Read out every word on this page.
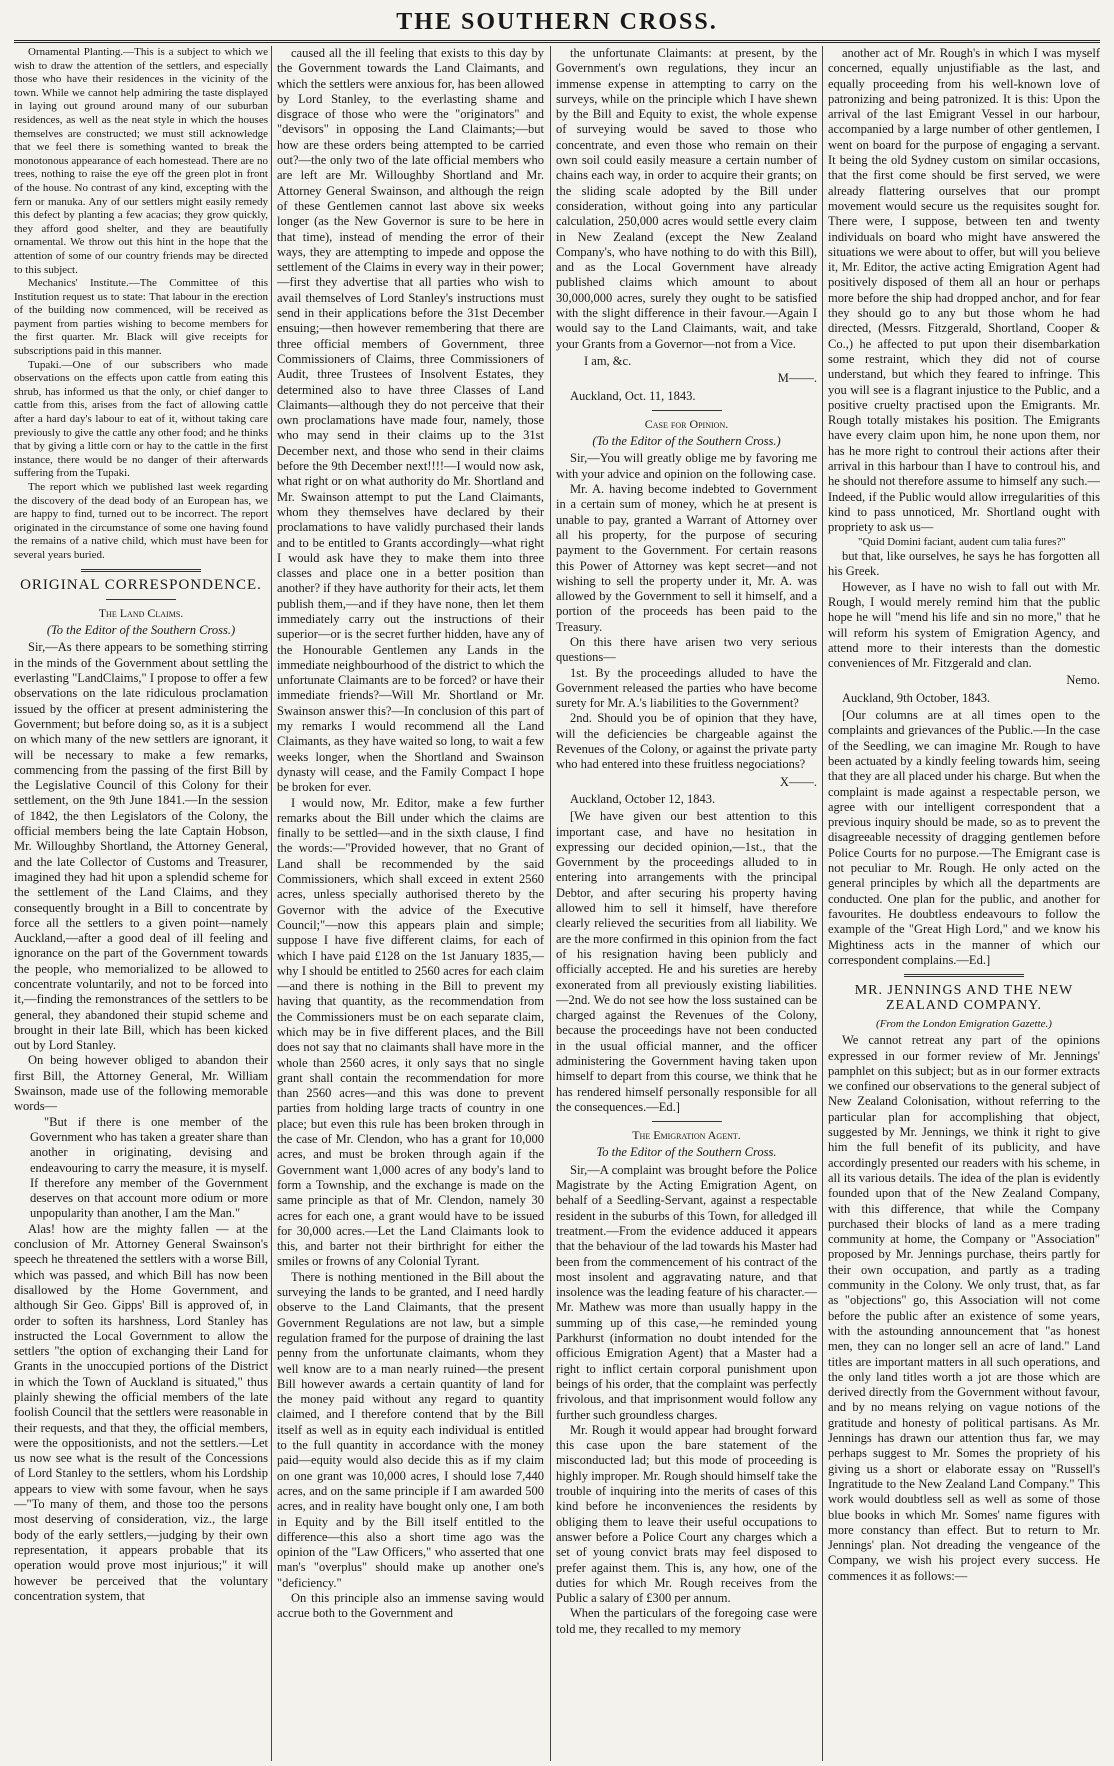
THE SOUTHERN CROSS.

Ornamental Planting.—This is a subject to which we wish to draw the attention of the settlers, and especially those who have their residences in the vicinity of the town. While we cannot help admiring the taste displayed in laying out ground around many of our suburban residences, as well as the neat style in which the houses themselves are constructed; we must still acknowledge that we feel there is something wanted to break the monotonous appearance of each homestead. There are no trees, nothing to raise the eye off the green plot in front of the house. No contrast of any kind, excepting with the fern or manuka. Any of our settlers might easily remedy this defect by planting a few acacias; they grow quickly, they afford good shelter, and they are beautifully ornamental. We throw out this hint in the hope that the attention of some of our country friends may be directed to this subject.

Mechanics' Institute.—The Committee of this Institution request us to state: That labour in the erection of the building now commenced, will be received as payment from parties wishing to become members for the first quarter. Mr. Black will give receipts for subscriptions paid in this manner.

Tupaki.—One of our subscribers who made observations on the effects upon cattle from eating this shrub, has informed us that the only, or chief danger to cattle from this, arises from the fact of allowing cattle after a hard day's labour to eat of it, without taking care previously to give the cattle any other food; and he thinks that by giving a little corn or hay to the cattle in the first instance, there would be no danger of their afterwards suffering from the Tupaki.

The report which we published last week regarding the discovery of the dead body of an European has, we are happy to find, turned out to be incorrect. The report originated in the circumstance of some one having found the remains of a native child, which must have been for several years buried.

ORIGINAL CORRESPONDENCE.
The Land Claims.
(To the Editor of the Southern Cross.)

Sir,—As there appears to be something stirring in the minds of the Government about settling the everlasting "LandClaims," I propose to offer a few observations on the late ridiculous proclamation issued by the officer at present administering the Government; but before doing so, as it is a subject on which many of the new settlers are ignorant, it will be necessary to make a few remarks, commencing from the passing of the first Bill by the Legislative Council of this Colony for their settlement, on the 9th June 1841.—In the session of 1842, the then Legislators of the Colony, the official members being the late Captain Hobson, Mr. Willoughby Shortland, the Attorney General, and the late Collector of Customs and Treasurer, imagined they had hit upon a splendid scheme for the settlement of the Land Claims, and they consequently brought in a Bill to concentrate by force all the settlers to a given point—namely Auckland,—after a good deal of ill feeling and ignorance on the part of the Government towards the people, who memorialized to be allowed to concentrate voluntarily, and not to be forced into it,—finding the remonstrances of the settlers to be general, they abandoned their stupid scheme and brought in their late Bill, which has been kicked out by Lord Stanley.

On being however obliged to abandon their first Bill, the Attorney General, Mr. William Swainson, made use of the following memorable words—

"But if there is one member of the Government who has taken a greater share than another in originating, devising and endeavouring to carry the measure, it is myself. If therefore any member of the Government deserves on that account more odium or more unpopularity than another, I am the Man."

Alas! how are the mighty fallen — at the conclusion of Mr. Attorney General Swainson's speech he threatened the settlers with a worse Bill, which was passed, and which Bill has now been disallowed by the Home Government, and although Sir Geo. Gipps' Bill is approved of, in order to soften its harshness, Lord Stanley has instructed the Local Government to allow the settlers "the option of exchanging their Land for Grants in the unoccupied portions of the District in which the Town of Auckland is situated," thus plainly shewing the official members of the late foolish Council that the settlers were reasonable in their requests, and that they, the official members, were the oppositionists, and not the settlers.—Let us now see what is the result of the Concessions of Lord Stanley to the settlers, whom his Lordship appears to view with some favour, when he says—"To many of them, and those too the persons most deserving of consideration, viz., the large body of the early settlers,—judging by their own representation, it appears probable that its operation would prove most injurious;" it will however be perceived that the voluntary concentration system, that

caused all the ill feeling that exists to this day by the Government towards the Land Claimants, and which the settlers were anxious for, has been allowed by Lord Stanley, to the everlasting shame and disgrace of those who were the "originators" and "devisors" in opposing the Land Claimants;—but how are these orders being attempted to be carried out?—the only two of the late official members who are left are Mr. Willoughby Shortland and Mr. Attorney General Swainson, and although the reign of these Gentlemen cannot last above six weeks longer (as the New Governor is sure to be here in that time), instead of mending the error of their ways, they are attempting to impede and oppose the settlement of the Claims in every way in their power;—first they advertise that all parties who wish to avail themselves of Lord Stanley's instructions must send in their applications before the 31st December ensuing;—then however remembering that there are three official members of Government, three Commissioners of Claims, three Commissioners of Audit, three Trustees of Insolvent Estates, they determined also to have three Classes of Land Claimants—although they do not perceive that their own proclamations have made four, namely, those who may send in their claims up to the 31st December next, and those who send in their claims before the 9th December next!!!!—I would now ask, what right or on what authority do Mr. Shortland and Mr. Swainson attempt to put the Land Claimants, whom they themselves have declared by their proclamations to have validly purchased their lands and to be entitled to Grants accordingly—what right I would ask have they to make them into three classes and place one in a better position than another? if they have authority for their acts, let them publish them,—and if they have none, then let them immediately carry out the instructions of their superior—or is the secret further hidden, have any of the Honourable Gentlemen any Lands in the immediate neighbourhood of the district to which the unfortunate Claimants are to be forced? or have their immediate friends?—Will Mr. Shortland or Mr. Swainson answer this?—In conclusion of this part of my remarks I would recommend all the Land Claimants, as they have waited so long, to wait a few weeks longer, when the Shortland and Swainson dynasty will cease, and the Family Compact I hope be broken for ever.

I would now, Mr. Editor, make a few further remarks about the Bill under which the claims are finally to be settled—and in the sixth clause, I find the words:—"Provided however, that no Grant of Land shall be recommended by the said Commissioners, which shall exceed in extent 2560 acres, unless specially authorised thereto by the Governor with the advice of the Executive Council;"—now this appears plain and simple; suppose I have five different claims, for each of which I have paid £128 on the 1st January 1835,—why I should be entitled to 2560 acres for each claim—and there is nothing in the Bill to prevent my having that quantity, as the recommendation from the Commissioners must be on each separate claim, which may be in five different places, and the Bill does not say that no claimants shall have more in the whole than 2560 acres, it only says that no single grant shall contain the recommendation for more than 2560 acres—and this was done to prevent parties from holding large tracts of country in one place; but even this rule has been broken through in the case of Mr. Clendon, who has a grant for 10,000 acres, and must be broken through again if the Government want 1,000 acres of any body's land to form a Township, and the exchange is made on the same principle as that of Mr. Clendon, namely 30 acres for each one, a grant would have to be issued for 30,000 acres.—Let the Land Claimants look to this, and barter not their birthright for either the smiles or frowns of any Colonial Tyrant.

There is nothing mentioned in the Bill about the surveying the lands to be granted, and I need hardly observe to the Land Claimants, that the present Government Regulations are not law, but a simple regulation framed for the purpose of draining the last penny from the unfortunate claimants, whom they well know are to a man nearly ruined—the present Bill however awards a certain quantity of land for the money paid without any regard to quantity claimed, and I therefore contend that by the Bill itself as well as in equity each individual is entitled to the full quantity in accordance with the money paid—equity would also decide this as if my claim on one grant was 10,000 acres, I should lose 7,440 acres, and on the same principle if I am awarded 500 acres, and in reality have bought only one, I am both in Equity and by the Bill itself entitled to the difference—this also a short time ago was the opinion of the "Law Officers," who asserted that one man's "overplus" should make up another one's "deficiency."

On this principle also an immense saving would accrue both to the Government and

the unfortunate Claimants: at present, by the Government's own regulations, they incur an immense expense in attempting to carry on the surveys, while on the principle which I have shewn by the Bill and Equity to exist, the whole expense of surveying would be saved to those who concentrate, and even those who remain on their own soil could easily measure a certain number of chains each way, in order to acquire their grants; on the sliding scale adopted by the Bill under consideration, without going into any particular calculation, 250,000 acres would settle every claim in New Zealand (except the New Zealand Company's, who have nothing to do with this Bill), and as the Local Government have already published claims which amount to about 30,000,000 acres, surely they ought to be satisfied with the slight difference in their favour.—Again I would say to the Land Claimants, wait, and take your Grants from a Governor—not from a Vice.

I am, &c.

M——.
Auckland, Oct. 11, 1843.
Case for Opinion.
(To the Editor of the Southern Cross.)

Sir,—You will greatly oblige me by favoring me with your advice and opinion on the following case.

Mr. A. having become indebted to Government in a certain sum of money, which he at present is unable to pay, granted a Warrant of Attorney over all his property, for the purpose of securing payment to the Government. For certain reasons this Power of Attorney was kept secret—and not wishing to sell the property under it, Mr. A. was allowed by the Government to sell it himself, and a portion of the proceeds has been paid to the Treasury.

On this there have arisen two very serious questions—

1st. By the proceedings alluded to have the Government released the parties who have become surety for Mr. A.'s liabilities to the Government?

2nd. Should you be of opinion that they have, will the deficiencies be chargeable against the Revenues of the Colony, or against the private party who had entered into these fruitless negociations?

X——.
Auckland, October 12, 1843.

[We have given our best attention to this important case, and have no hesitation in expressing our decided opinion,—1st., that the Government by the proceedings alluded to in entering into arrangements with the principal Debtor, and after securing his property having allowed him to sell it himself, have therefore clearly relieved the securities from all liability. We are the more confirmed in this opinion from the fact of his resignation having been publicly and officially accepted. He and his sureties are hereby exonerated from all previously existing liabilities.—2nd. We do not see how the loss sustained can be charged against the Revenues of the Colony, because the proceedings have not been conducted in the usual official manner, and the officer administering the Government having taken upon himself to depart from this course, we think that he has rendered himself personally responsible for all the consequences.—Ed.]

The Emigration Agent.
To the Editor of the Southern Cross.

Sir,—A complaint was brought before the Police Magistrate by the Acting Emigration Agent, on behalf of a Seedling-Servant, against a respectable resident in the suburbs of this Town, for alledged ill treatment.—From the evidence adduced it appears that the behaviour of the lad towards his Master had been from the commencement of his contract of the most insolent and aggravating nature, and that insolence was the leading feature of his character.—Mr. Mathew was more than usually happy in the summing up of this case,—he reminded young Parkhurst (information no doubt intended for the officious Emigration Agent) that a Master had a right to inflict certain corporal punishment upon beings of his order, that the complaint was perfectly frivolous, and that imprisonment would follow any further such groundless charges.

Mr. Rough it would appear had brought forward this case upon the bare statement of the misconducted lad; but this mode of proceeding is highly improper. Mr. Rough should himself take the trouble of inquiring into the merits of cases of this kind before he inconveniences the residents by obliging them to leave their useful occupations to answer before a Police Court any charges which a set of young convict brats may feel disposed to prefer against them. This is, any how, one of the duties for which Mr. Rough receives from the Public a salary of £300 per annum.

When the particulars of the foregoing case were told me, they recalled to my memory

another act of Mr. Rough's in which I was myself concerned, equally unjustifiable as the last, and equally proceeding from his well-known love of patronizing and being patronized. It is this: Upon the arrival of the last Emigrant Vessel in our harbour, accompanied by a large number of other gentlemen, I went on board for the purpose of engaging a servant. It being the old Sydney custom on similar occasions, that the first come should be first served, we were already flattering ourselves that our prompt movement would secure us the requisites sought for. There were, I suppose, between ten and twenty individuals on board who might have answered the situations we were about to offer, but will you believe it, Mr. Editor, the active acting Emigration Agent had positively disposed of them all an hour or perhaps more before the ship had dropped anchor, and for fear they should go to any but those whom he had directed, (Messrs. Fitzgerald, Shortland, Cooper & Co.,) he affected to put upon their disembarkation some restraint, which they did not of course understand, but which they feared to infringe. This you will see is a flagrant injustice to the Public, and a positive cruelty practised upon the Emigrants. Mr. Rough totally mistakes his position. The Emigrants have every claim upon him, he none upon them, nor has he more right to controul their actions after their arrival in this harbour than I have to controul his, and he should not therefore assume to himself any such.—Indeed, if the Public would allow irregularities of this kind to pass unnoticed, Mr. Shortland ought with propriety to ask us—

"Quid Domini faciant, audent cum talia fures?"

but that, like ourselves, he says he has forgotten all his Greek.

However, as I have no wish to fall out with Mr. Rough, I would merely remind him that the public hope he will "mend his life and sin no more," that he will reform his system of Emigration Agency, and attend more to their interests than the domestic conveniences of Mr. Fitzgerald and clan.

Nemo.
Auckland, 9th October, 1843.

[Our columns are at all times open to the complaints and grievances of the Public.—In the case of the Seedling, we can imagine Mr. Rough to have been actuated by a kindly feeling towards him, seeing that they are all placed under his charge. But when the complaint is made against a respectable person, we agree with our intelligent correspondent that a previous inquiry should be made, so as to prevent the disagreeable necessity of dragging gentlemen before Police Courts for no purpose.—The Emigrant case is not peculiar to Mr. Rough. He only acted on the general principles by which all the departments are conducted. One plan for the public, and another for favourites. He doubtless endeavours to follow the example of the "Great High Lord," and we know his Mightiness acts in the manner of which our correspondent complains.—Ed.]

MR. JENNINGS AND THE NEW ZEALAND COMPANY.
(From the London Emigration Gazette.)

We cannot retreat any part of the opinions expressed in our former review of Mr. Jennings' pamphlet on this subject; but as in our former extracts we confined our observations to the general subject of New Zealand Colonisation, without referring to the particular plan for accomplishing that object, suggested by Mr. Jennings, we think it right to give him the full benefit of its publicity, and have accordingly presented our readers with his scheme, in all its various details. The idea of the plan is evidently founded upon that of the New Zealand Company, with this difference, that while the Company purchased their blocks of land as a mere trading community at home, the Company or "Association" proposed by Mr. Jennings purchase, theirs partly for their own occupation, and partly as a trading community in the Colony. We only trust, that, as far as "objections" go, this Association will not come before the public after an existence of some years, with the astounding announcement that "as honest men, they can no longer sell an acre of land." Land titles are important matters in all such operations, and the only land titles worth a jot are those which are derived directly from the Government without favour, and by no means relying on vague notions of the gratitude and honesty of political partisans. As Mr. Jennings has drawn our attention thus far, we may perhaps suggest to Mr. Somes the propriety of his giving us a short or elaborate essay on "Russell's Ingratitude to the New Zealand Land Company." This work would doubtless sell as well as some of those blue books in which Mr. Somes' name figures with more constancy than effect. But to return to Mr. Jennings' plan. Not dreading the vengeance of the Company, we wish his project every success. He commences it as follows:—
